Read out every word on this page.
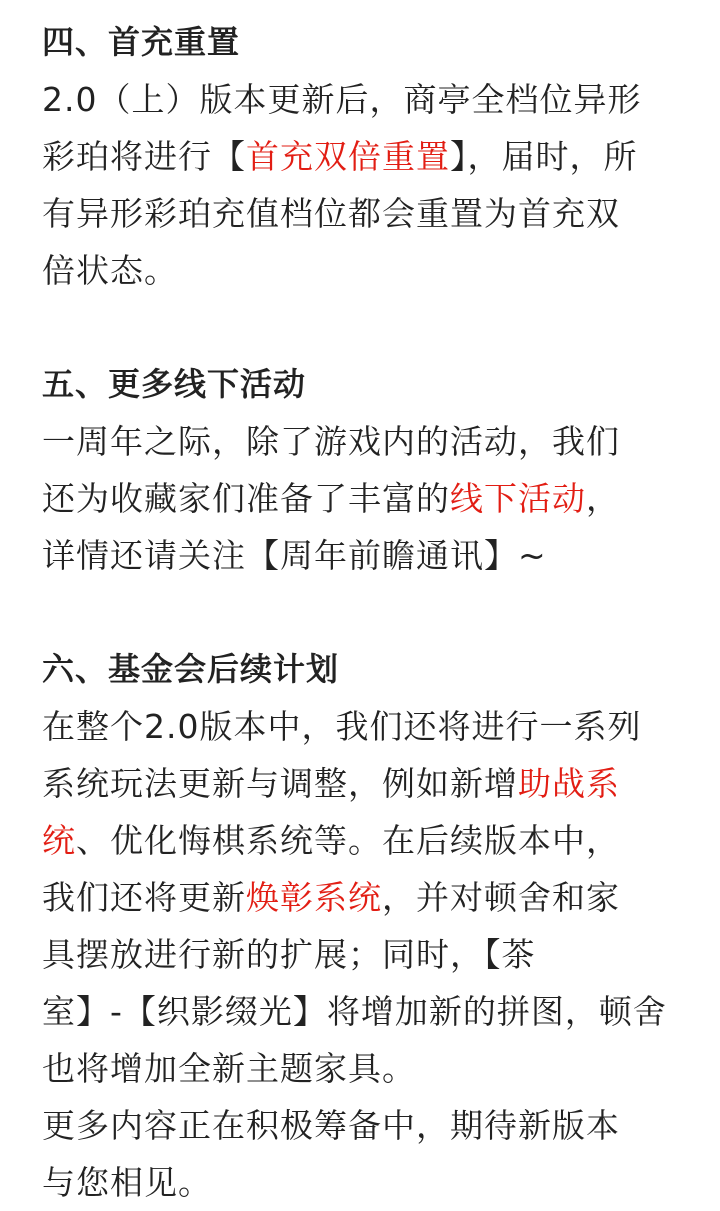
四、首充重置
2.0（上）版本更新后，商亭全档位异形
彩珀将进行【首充双倍重置】，届时，所
有异形彩珀充值档位都会重置为首充双
倍状态。
五、更多线下活动
一周年之际，除了游戏内的活动，我们
还为收藏家们准备了丰富的线下活动，
详情还请关注【周年前瞻通讯】~
六、基金会后续计划
在整个2.0版本中，我们还将进行一系列
系统玩法更新与调整，例如新增助战系
统、优化悔棋系统等。在后续版本中，
我们还将更新焕彰系统，并对顿舍和家
具摆放进行新的扩展；同时，【茶
室】-【织影缀光】将增加新的拼图，顿舍
也将增加全新主题家具。
更多内容正在积极筹备中，期待新版本
与您相见。
